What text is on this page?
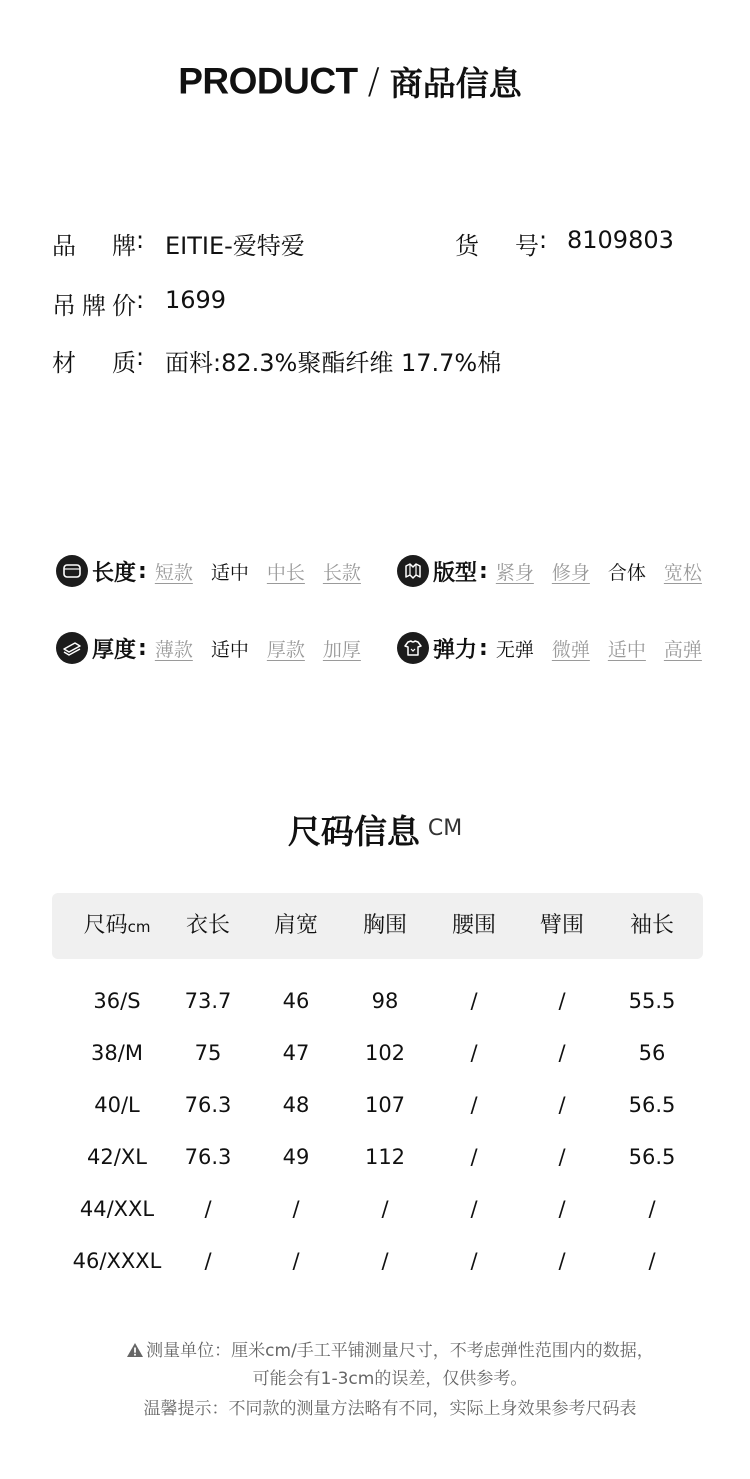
PRODUCT / 商品信息
品 牌 : EITIE-爱特爱	货 号 : 8109803
吊牌价 : 1699
材 质 : 面料:82.3%聚酯纤维 17.7%棉
长度 : 短款 适中 中长 长款	版型 : 紧身 修身 合体 宽松
厚度 : 薄款 适中 厚款 加厚	弹力 : 无弹 微弹 适中 高弹
尺码信息 CM
尺码cm	衣长	肩宽	胸围	腰围	臂围	袖长
36/S	73.7	46	98	/	/	55.5
38/M	75	47	102	/	/	56
40/L	76.3	48	107	/	/	56.5
42/XL	76.3	49	112	/	/	56.5
44/XXL	/	/	/	/	/	/
46/XXXL	/	/	/	/	/	/
测量单位：厘米cm/手工平铺测量尺寸，不考虑弹性范围内的数据，
可能会有1-3cm的误差，仅供参考。
温馨提示：不同款的测量方法略有不同，实际上身效果参考尺码表
